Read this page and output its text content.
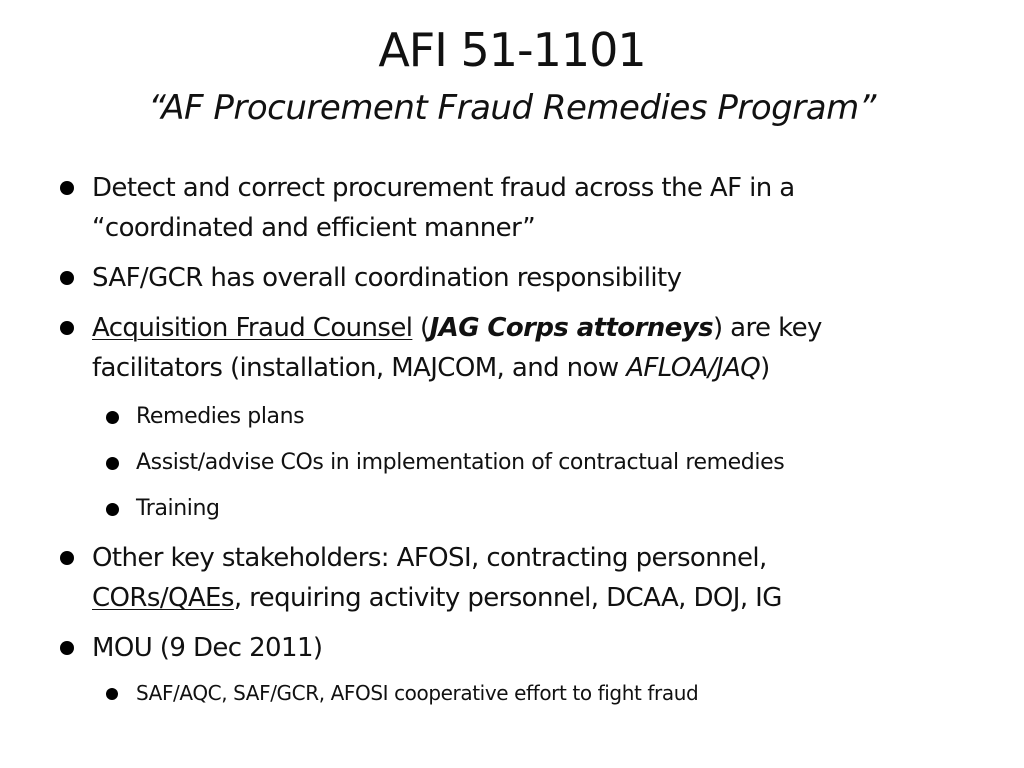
AFI 51-1101
“AF Procurement Fraud Remedies Program”
Detect and correct procurement fraud across the AF in a
“coordinated and efficient manner”
SAF/GCR has overall coordination responsibility
Acquisition Fraud Counsel (JAG Corps attorneys) are key
facilitators (installation, MAJCOM, and now AFLOA/JAQ)
Remedies plans
Assist/advise COs in implementation of contractual remedies
Training
Other key stakeholders: AFOSI, contracting personnel,
CORs/QAEs, requiring activity personnel, DCAA, DOJ, IG
MOU (9 Dec 2011)
SAF/AQC, SAF/GCR, AFOSI cooperative effort to fight fraud
